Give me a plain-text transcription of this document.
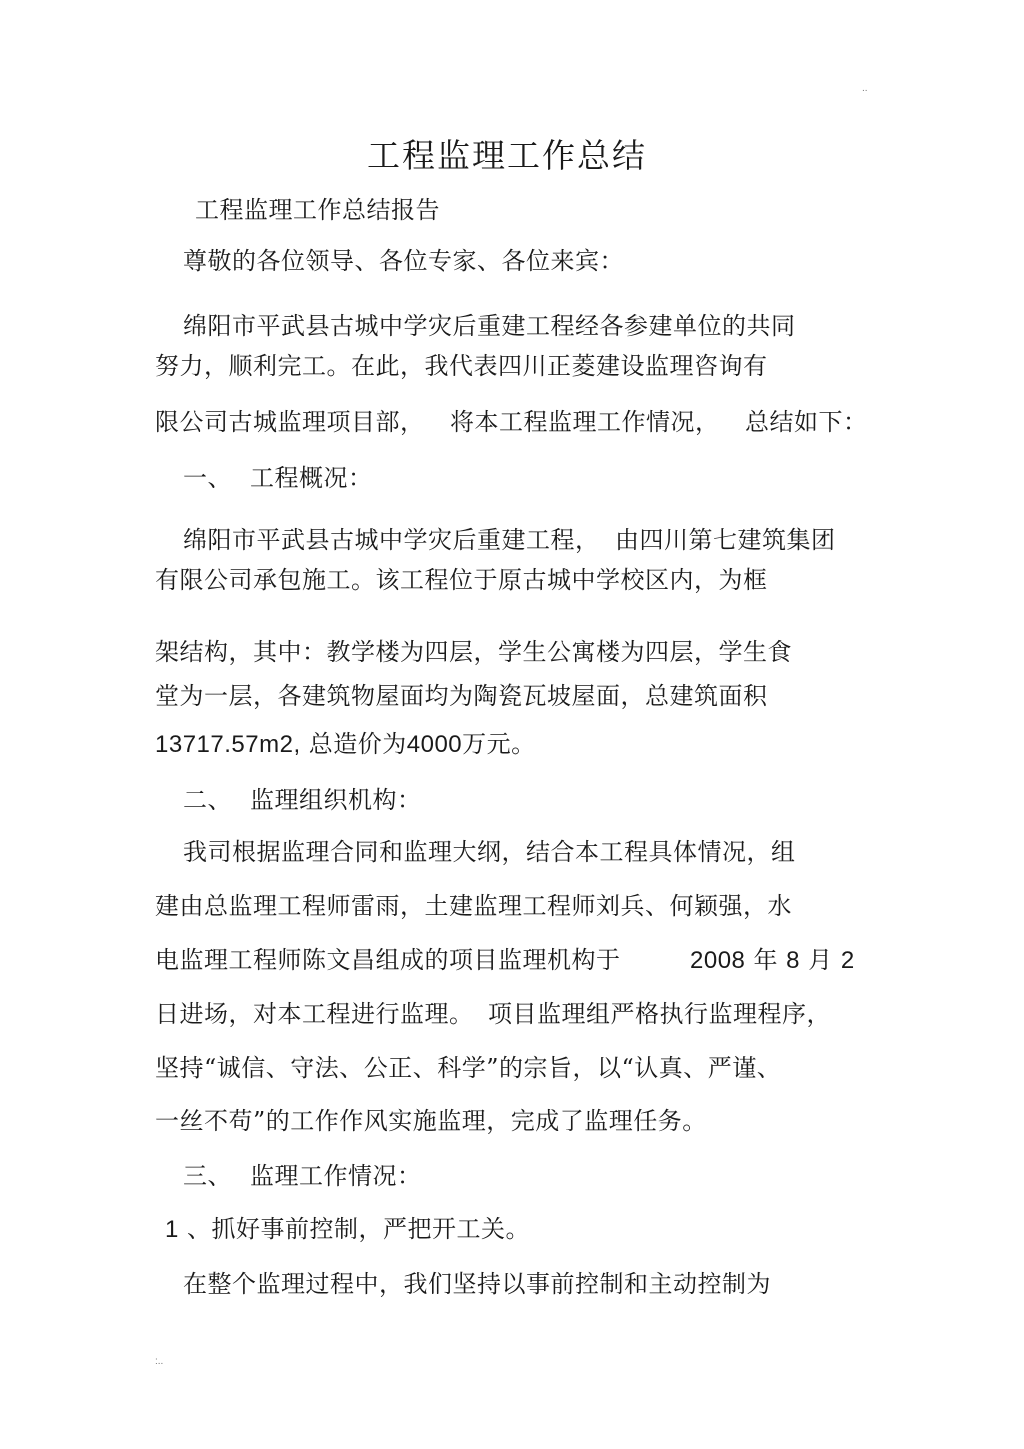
..
工程监理工作总结
工程监理工作总结报告
尊敬的各位领导、各位专家、各位来宾：
绵阳市平武县古城中学灾后重建工程经各参建单位的共同
努力，顺利完工。在此，我代表四川正菱建设监理咨询有
限公司古城监理项目部， 将本工程监理工作情况， 总结如下：
一、 工程概况：
绵阳市平武县古城中学灾后重建工程， 由四川第七建筑集团
有限公司承包施工。该工程位于原古城中学校区内，为框
架结构，其中：教学楼为四层，学生公寓楼为四层，学生食
堂为一层，各建筑物屋面均为陶瓷瓦坡屋面，总建筑面积
13717.57m2, 总造价为4000万元。
二、 监理组织机构：
我司根据监理合同和监理大纲，结合本工程具体情况，组
建由总监理工程师雷雨，土建监理工程师刘兵、何颖强，水
电监理工程师陈文昌组成的项目监理机构于	2008 年 8 月 2
日进场，对本工程进行监理。 项目监理组严格执行监理程序，
坚持“诚信、守法、公正、科学”的宗旨，以“认真、严谨、
一丝不苟”的工作作风实施监理，完成了监理任务。
三、 监理工作情况：
1 、抓好事前控制，严把开工关。
在整个监理过程中，我们坚持以事前控制和主动控制为
:..
